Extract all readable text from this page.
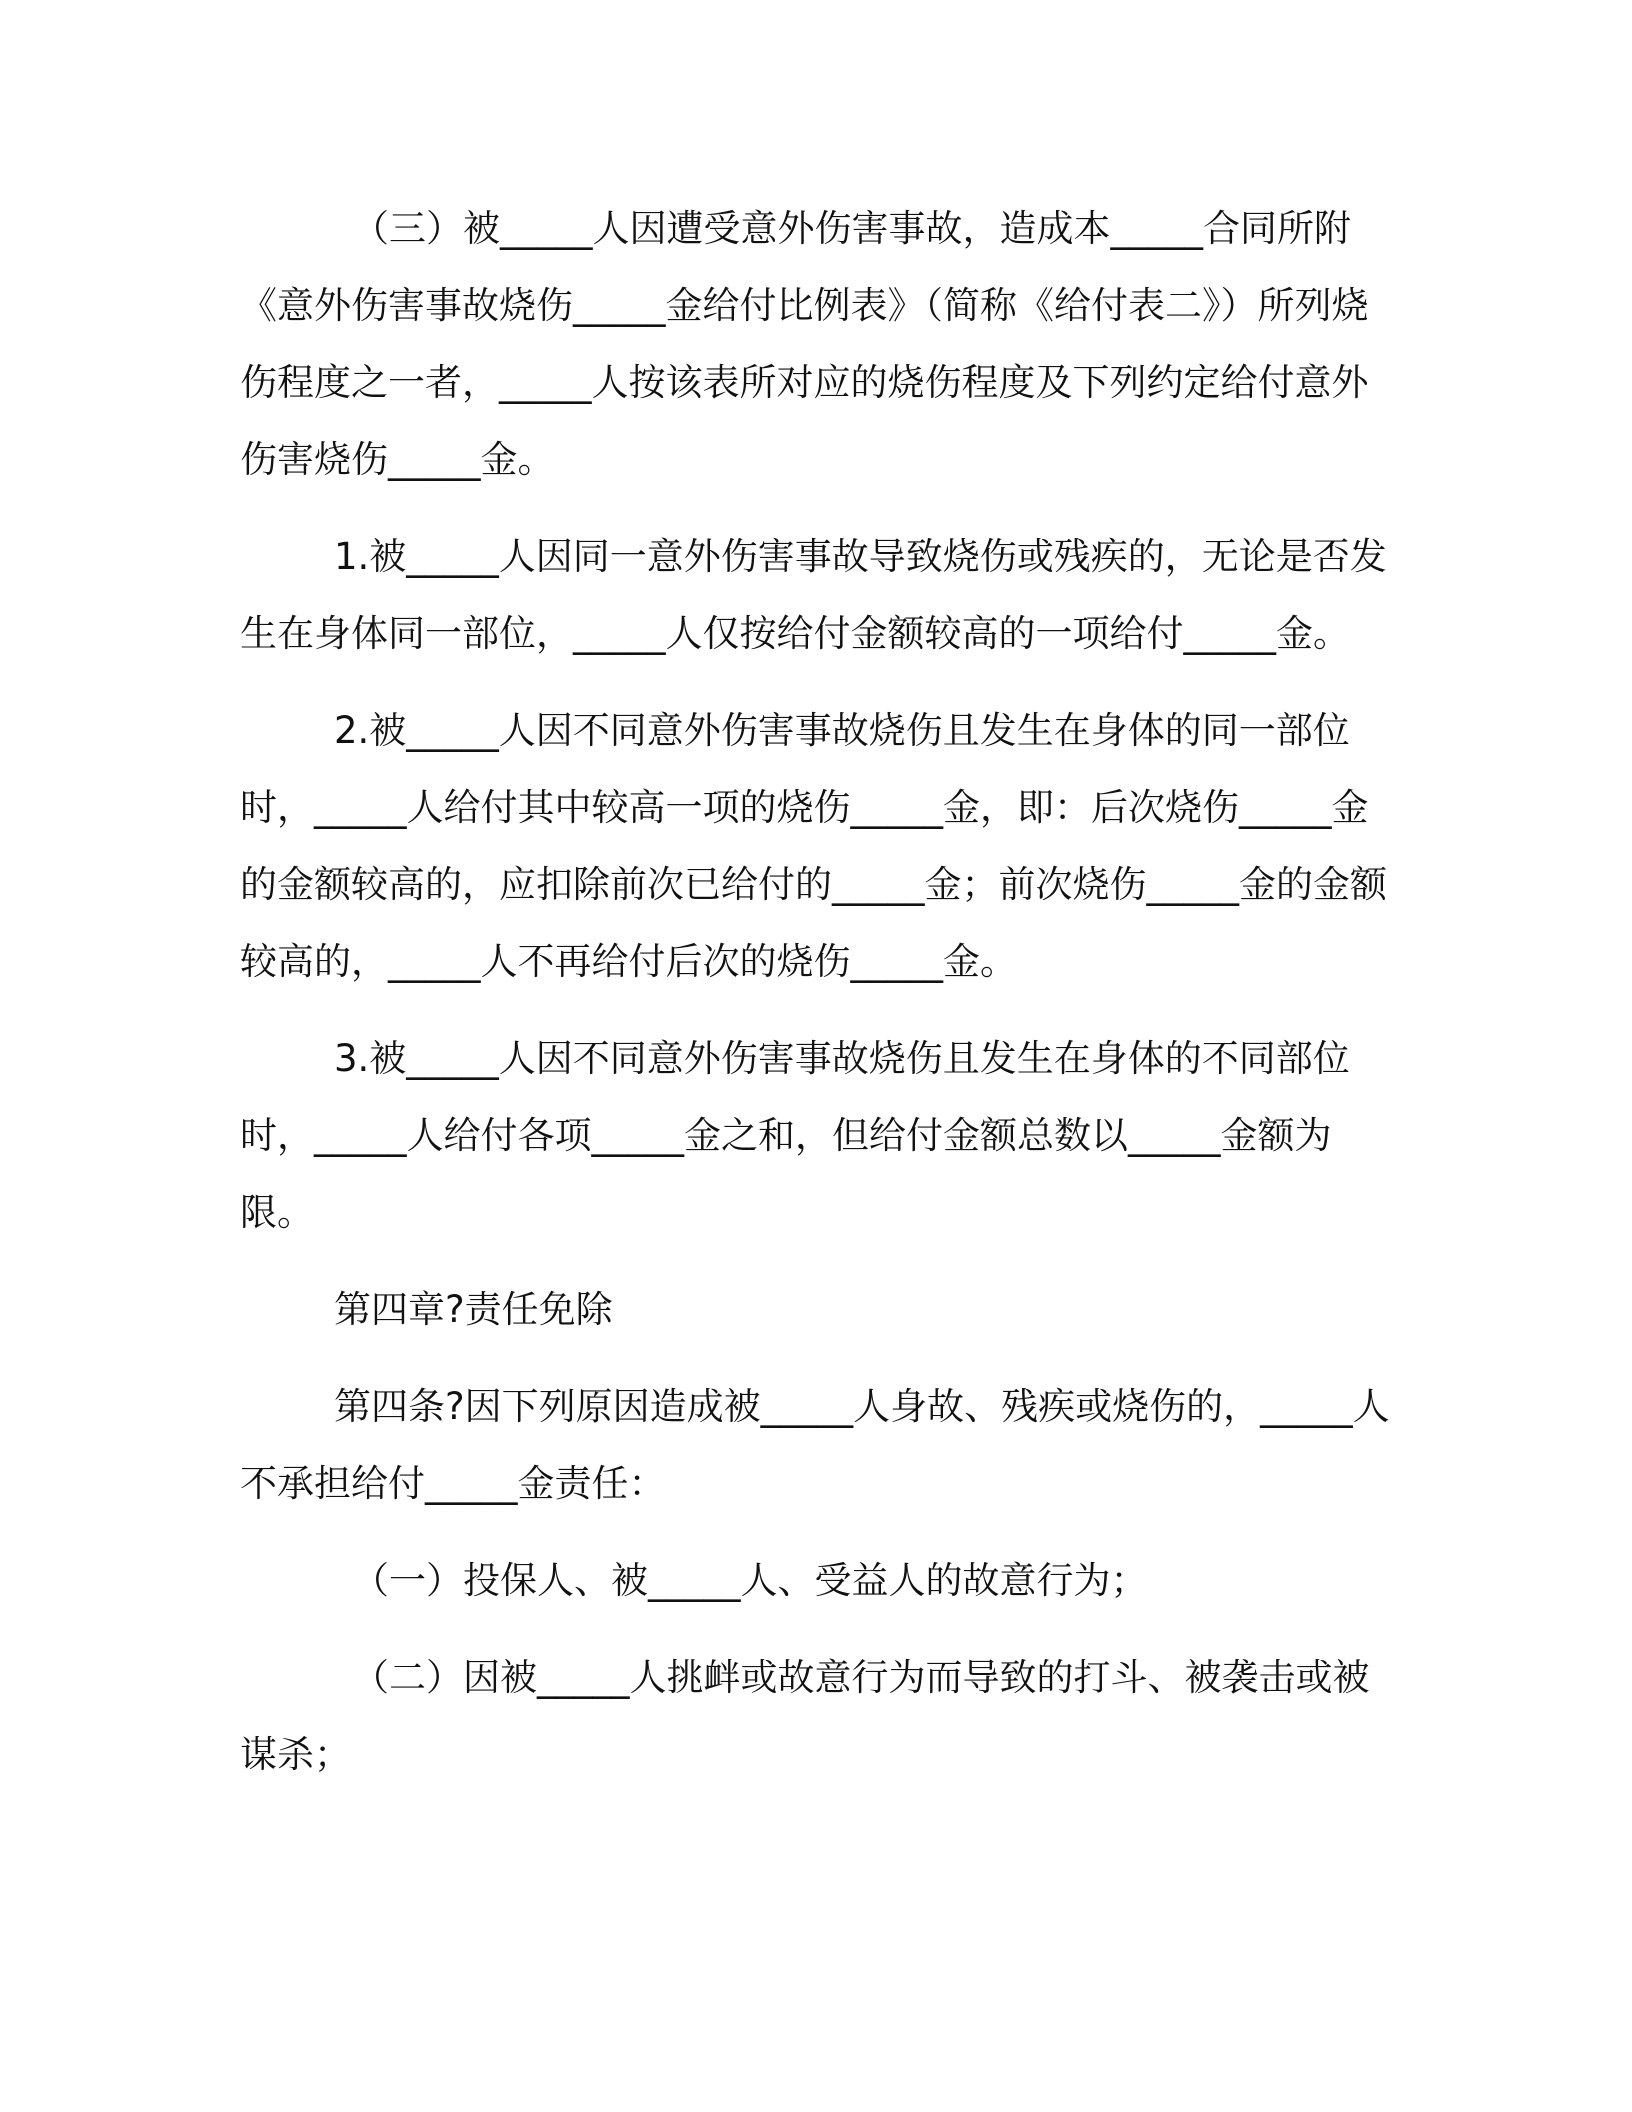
（三）被_____人因遭受意外伤害事故，造成本_____合同所附《意外伤害事故烧伤_____金给付比例表》（简称《给付表二》）所列烧伤程度之一者，_____人按该表所对应的烧伤程度及下列约定给付意外伤害烧伤_____金。

1.被_____人因同一意外伤害事故导致烧伤或残疾的，无论是否发生在身体同一部位，_____人仅按给付金额较高的一项给付_____金。

2.被_____人因不同意外伤害事故烧伤且发生在身体的同一部位时，_____人给付其中较高一项的烧伤_____金，即：后次烧伤_____金的金额较高的，应扣除前次已给付的_____金；前次烧伤_____金的金额较高的，_____人不再给付后次的烧伤_____金。

3.被_____人因不同意外伤害事故烧伤且发生在身体的不同部位时，_____人给付各项_____金之和，但给付金额总数以_____金额为限。

第四章?责任免除

第四条?因下列原因造成被_____人身故、残疾或烧伤的，_____人不承担给付_____金责任：

（一）投保人、被_____人、受益人的故意行为；

（二）因被_____人挑衅或故意行为而导致的打斗、被袭击或被谋杀；
